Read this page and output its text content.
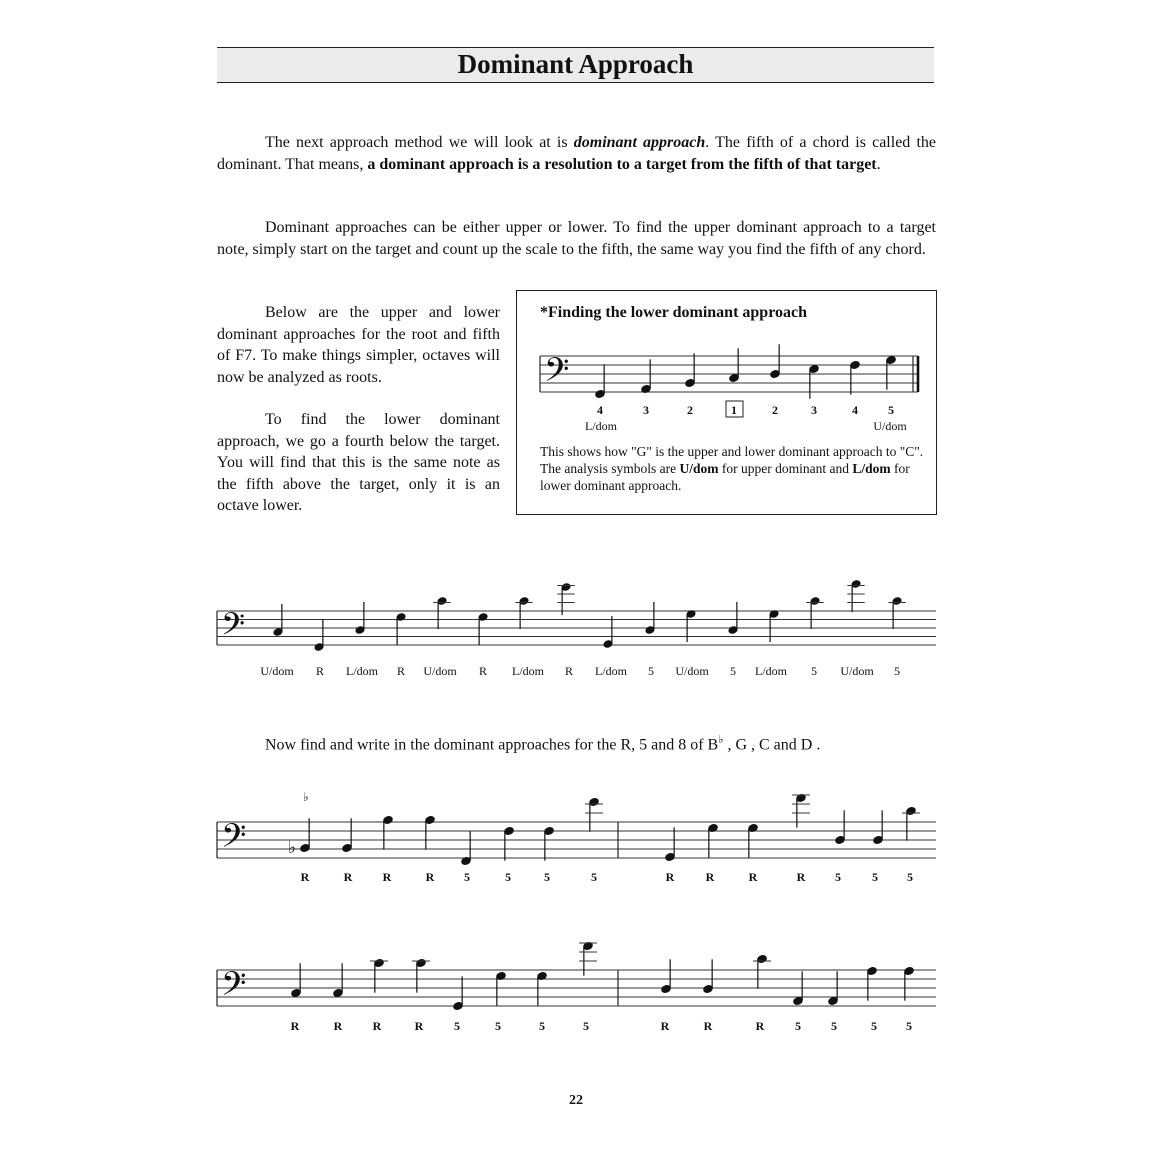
Dominant Approach
The next approach method we will look at is dominant approach. The fifth of a chord is called the dominant. That means, a dominant approach is a resolution to a target from the fifth of that target.
Dominant approaches can be either upper or lower. To find the upper dominant approach to a target note, simply start on the target and count up the scale to the fifth, the same way you find the fifth of any chord.
Below are the upper and lower dominant approaches for the root and fifth of F7. To make things simpler, octaves will now be analyzed as roots.
To find the lower dominant approach, we go a fourth below the target. You will find that this is the same note as the fifth above the target, only it is an octave lower.
*Finding the lower dominant approach
This shows how "G" is the upper and lower dominant approach to "C". The analysis symbols are U/dom for upper dominant and L/dom for lower dominant approach.
Now find and write in the dominant approaches for the R, 5 and 8 of B♭ , G , C and D .
22
𝄢
𝄢
𝄢
𝄢
♭
♭
4	3	2	1	2	3	4	5
L/dom	U/dom
U/dom R L/dom R U/dom R L/dom R L/dom 5 U/dom 5 L/dom 5 U/dom 5
R	R	R	R 5	5	5	5	R	R	R	R 5	5 5
R	R	R	R	5	5	5	5	R	R	R	5	5	5 5
